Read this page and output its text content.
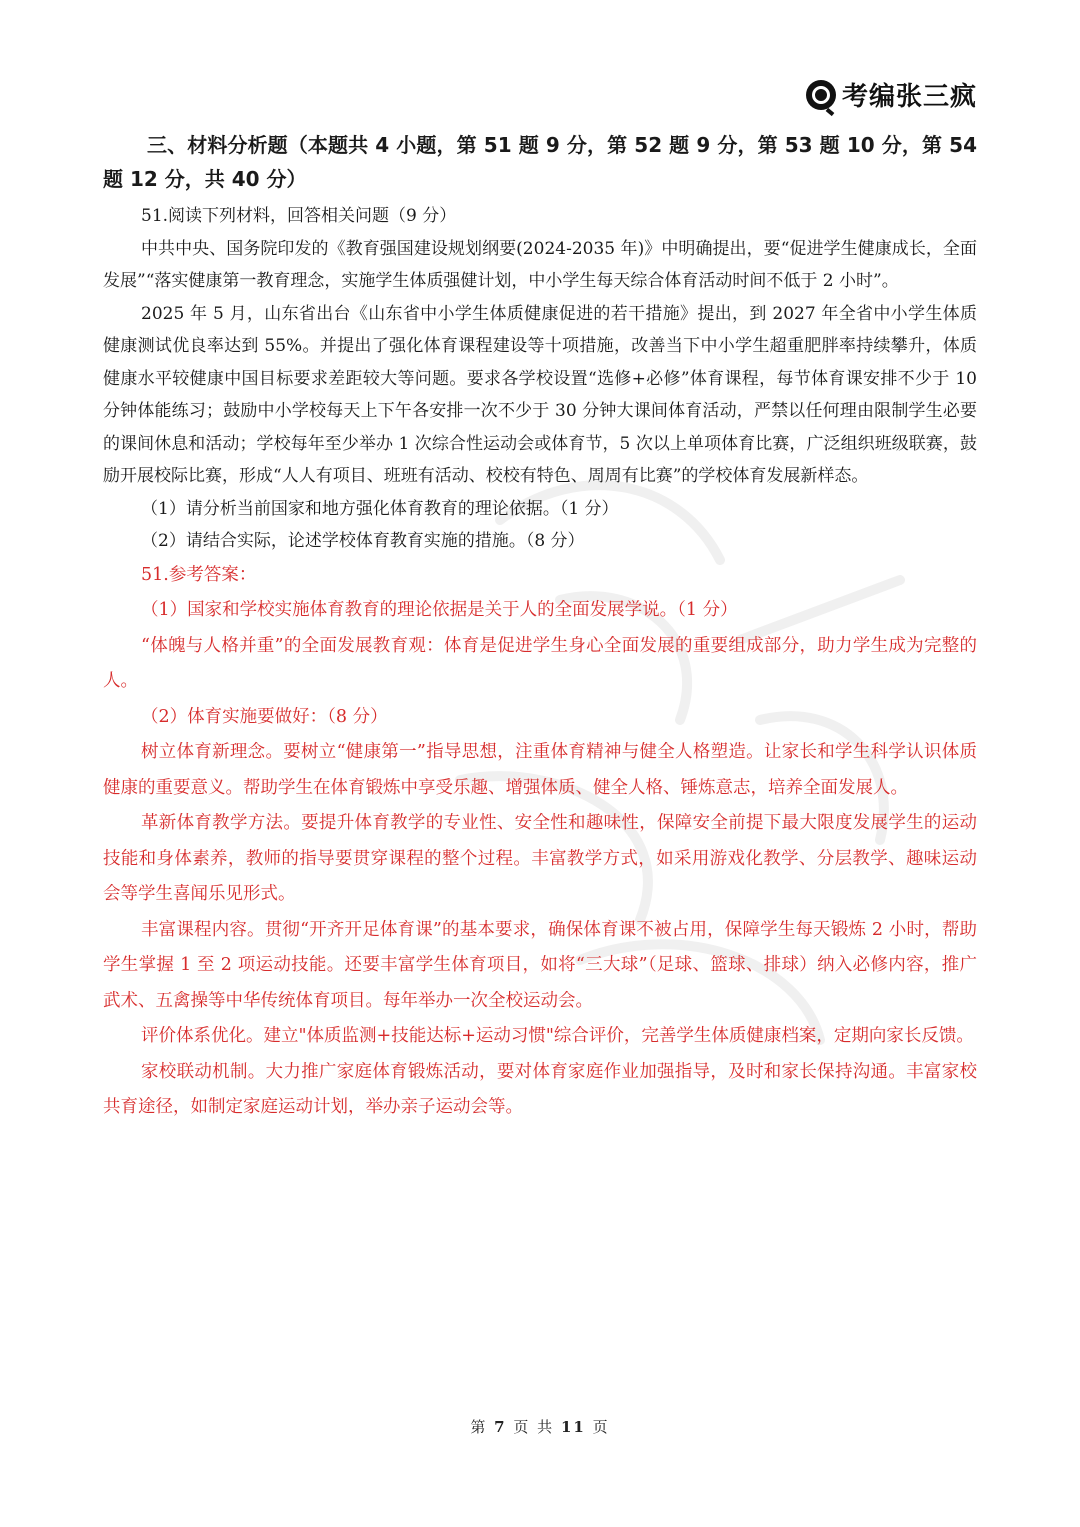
考编张三疯
三、材料分析题（本题共 4 小题，第 51 题 9 分，第 52 题 9 分，第 53 题 10 分，第 54 题 12 分，共 40 分）

51.阅读下列材料，回答相关问题（9 分）

中共中央、国务院印发的《教育强国建设规划纲要(2024-2035 年)》中明确提出，要“促进学生健康成长，全面发展”“落实健康第一教育理念，实施学生体质强健计划，中小学生每天综合体育活动时间不低于 2 小时”。

2025 年 5 月，山东省出台《山东省中小学生体质健康促进的若干措施》提出，到 2027 年全省中小学生体质健康测试优良率达到 55%。并提出了强化体育课程建设等十项措施，改善当下中小学生超重肥胖率持续攀升，体质健康水平较健康中国目标要求差距较大等问题。要求各学校设置“选修+必修”体育课程，每节体育课安排不少于 10 分钟体能练习；鼓励中小学校每天上下午各安排一次不少于 30 分钟大课间体育活动，严禁以任何理由限制学生必要的课间休息和活动；学校每年至少举办 1 次综合性运动会或体育节，5 次以上单项体育比赛，广泛组织班级联赛，鼓励开展校际比赛，形成“人人有项目、班班有活动、校校有特色、周周有比赛”的学校体育发展新样态。

（1）请分析当前国家和地方强化体育教育的理论依据。（1 分）

（2）请结合实际，论述学校体育教育实施的措施。（8 分）

51.参考答案：

（1）国家和学校实施体育教育的理论依据是关于人的全面发展学说。（1 分）

“体魄与人格并重”的全面发展教育观：体育是促进学生身心全面发展的重要组成部分，助力学生成为完整的人。

（2）体育实施要做好：（8 分）

树立体育新理念。要树立“健康第一”指导思想，注重体育精神与健全人格塑造。让家长和学生科学认识体质健康的重要意义。帮助学生在体育锻炼中享受乐趣、增强体质、健全人格、锤炼意志，培养全面发展人。

革新体育教学方法。要提升体育教学的专业性、安全性和趣味性，保障安全前提下最大限度发展学生的运动技能和身体素养，教师的指导要贯穿课程的整个过程。丰富教学方式，如采用游戏化教学、分层教学、趣味运动会等学生喜闻乐见形式。

丰富课程内容。贯彻“开齐开足体育课”的基本要求，确保体育课不被占用，保障学生每天锻炼 2 小时，帮助学生掌握 1 至 2 项运动技能。还要丰富学生体育项目，如将“三大球”（足球、篮球、排球）纳入必修内容，推广武术、五禽操等中华传统体育项目。每年举办一次全校运动会。

评价体系优化。建立"体质监测+技能达标+运动习惯"综合评价，完善学生体质健康档案，定期向家长反馈。

家校联动机制。大力推广家庭体育锻炼活动，要对体育家庭作业加强指导，及时和家长保持沟通。丰富家校共育途径，如制定家庭运动计划，举办亲子运动会等。

第 7 页 共 11 页
